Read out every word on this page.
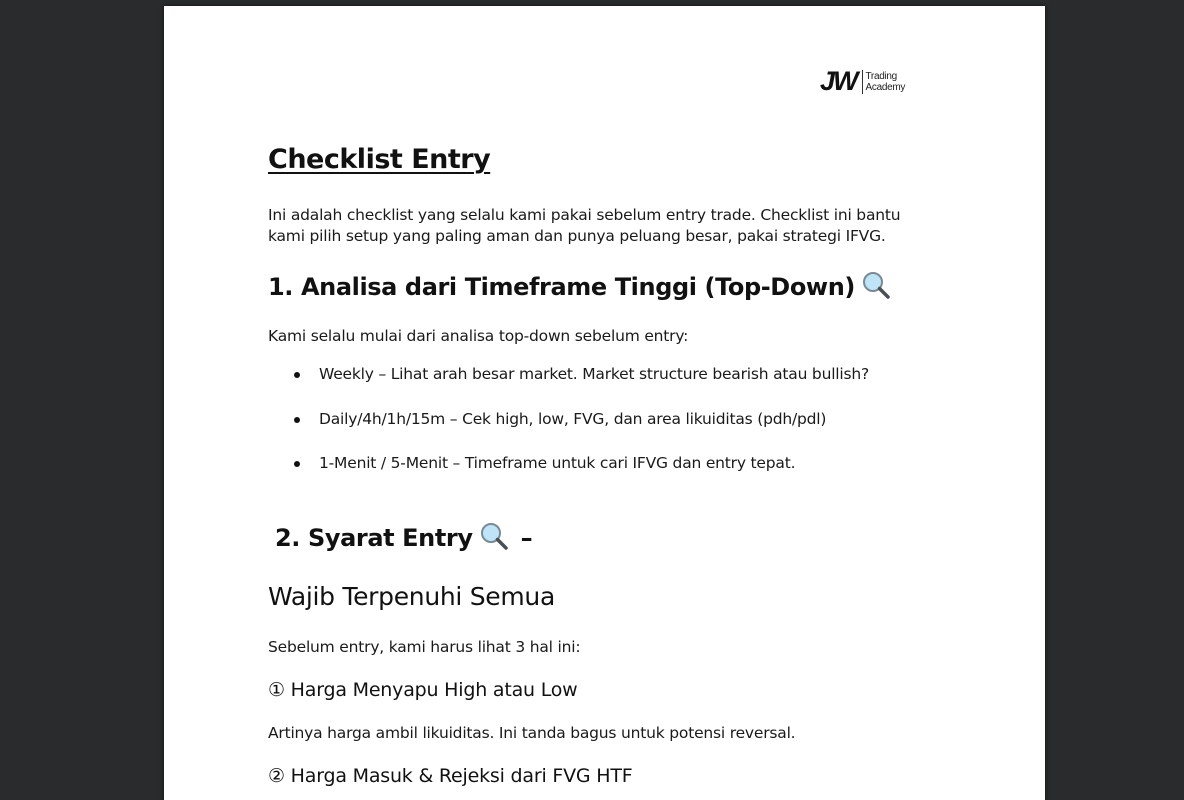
JW Trading
Academy
Checklist Entry

Ini adalah checklist yang selalu kami pakai sebelum entry trade. Checklist ini bantu

kami pilih setup yang paling aman dan punya peluang besar, pakai strategi IFVG.

1. Analisa dari Timeframe Tinggi (Top-Down)

Kami selalu mulai dari analisa top-down sebelum entry:

Weekly – Lihat arah besar market. Market structure bearish atau bullish?
Daily/4h/1h/15m – Cek high, low, FVG, dan area likuiditas (pdh/pdl)
1-Menit / 5-Menit – Timeframe untuk cari IFVG dan entry tepat.
2. Syarat Entry –
Wajib Terpenuhi Semua

Sebelum entry, kami harus lihat 3 hal ini:

① Harga Menyapu High atau Low

Artinya harga ambil likuiditas. Ini tanda bagus untuk potensi reversal.

② Harga Masuk & Rejeksi dari FVG HTF
